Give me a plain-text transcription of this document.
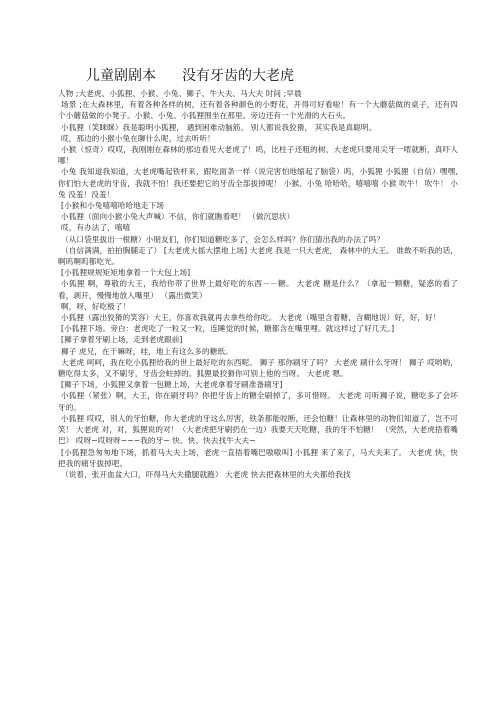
儿童剧剧本 没有牙齿的大老虎

人物 ;大老虎、小狐狸、小猴、小兔、狮子、牛大夫、马大夫 时间 ;早晨

场景 ;在大森林里，有着各种各样的树，还有着各种颜色的小野花，开得可好看啦！有一个大蘑菇做的桌子，还有四个小蘑菇做的小凳子。小猴、小兔、小狐狸围坐在那里。旁边还有一个光滑的大石头。

小狐狸（笑眯眯）我是聪明小狐狸， 遇到困难动脑筋。 别人都说我狡猾， 其实我是真聪明。

哎，那边的小猴小兔在聊什么呢，过去听听！

小猴（惊奇）哎哎，我刚刚在森林的那边看见大老虎了！呜，比柱子还粗的树，大老虎只要用尖牙一啃就断，真吓人哪！

小兔 我知道我知道，大老虎嘴起铁杆来，跟吃面条一样（说完害怕地缩起了脑袋）呜，小狐狸 小狐狸（自信）嘿嘿,你们怕大老虎的牙齿，我就不怕！我还要把它的牙齿全部拔掉呢！ 小猴、小兔 哈哈哈，嘻嘻嘻 小猴 吹牛！ 吹牛！ 小兔 没羞！没羞！

[小猴和小兔嘻嘻哈哈地走下场

小狐狸（面向小猴小兔大声喊）不信，你们就瞧着吧！ （做沉思状）

哎，有办法了，嘻嘻

（从口袋里拔出一根糖）小朋友们，你们知道糖吃多了，会怎么样吗？你们猜出我的办法了吗？

（自信满满，拍拍胸脯走了） [大老虎大摇大摆地上场] 大老虎 我是一只大老虎， 森林中的大王。 谁敢不听我的话， 啊呜啊呜都吃光。

[小狐狸规规矩矩地拿着一个大包上场]

小狐狸 啊，尊敬的大王，我给你带了世界上最好吃的东西－－糖。 大老虎 糖是什么？（拿起一颗糖，疑惑的看了看，剥开，慢慢地放入嘴里） （露出微笑）

啊，呀，好吃极了！

小狐狸（露出狡猾的笑容）大王，你喜欢我就再去拿些给你吃。 大老虎（嘴里含着糖，含糊地说）好，好，好！

[小狐狸下场。旁白：老虎吃了一粒又一粒，连睡觉的时候，糖都含在嘴里哩。就这样过了好几天。]

[狮子拿着牙刷上场，走到老虎跟前]

狮子 虎兄，在干嘛呀，哇，地上有这么多的糖纸。

大老虎 呵呵，我在吃小狐狸给我的世上最好吃的东西呢。 狮子 那你刷牙了吗？ 大老虎 刷什么牙呀！ 狮子 哎哟哟，糖吃得太多，又不刷牙，牙齿会蛀掉的。狐狸最狡猾你可别上他的当呀。 大老虎 嗯。

[狮子下场，小狐狸又拿着一包糖上场，大老虎拿着牙刷准备刷牙]

小狐狸（紧张）啊，大王，你在刷牙吗？你把牙齿上的糖全刷掉了，多可惜呀。 大老虎 可听狮子说，糖吃多了会坏牙的。

小狐狸 哎哎，别人的牙怕糖，你大老虎的牙这么厉害，铁条都能咬断，还会怕糖！让森林里的动物们知道了，岂不可笑！ 大老虎 对，对，狐狸说的对！（大老虎把牙刷扔在一边）我要天天吃糖，我的牙不怕糖！ （突然，大老虎捂着嘴巴） 哎呀~哎呀呀~~~我的牙~ 快、快、快去找牛大夫~

[小狐狸急匆匆地下场，抓着马大夫上场，老虎一直捂着嘴巴嗷嗷叫] 小狐狸 来了来了，马大夫来了。 大老虎 快，快把我的痛牙拔掉吧。

（说着，张开血盆大口，吓得马大夫撒腿就跑） 大老虎 快去把森林里的大夫都给我找
